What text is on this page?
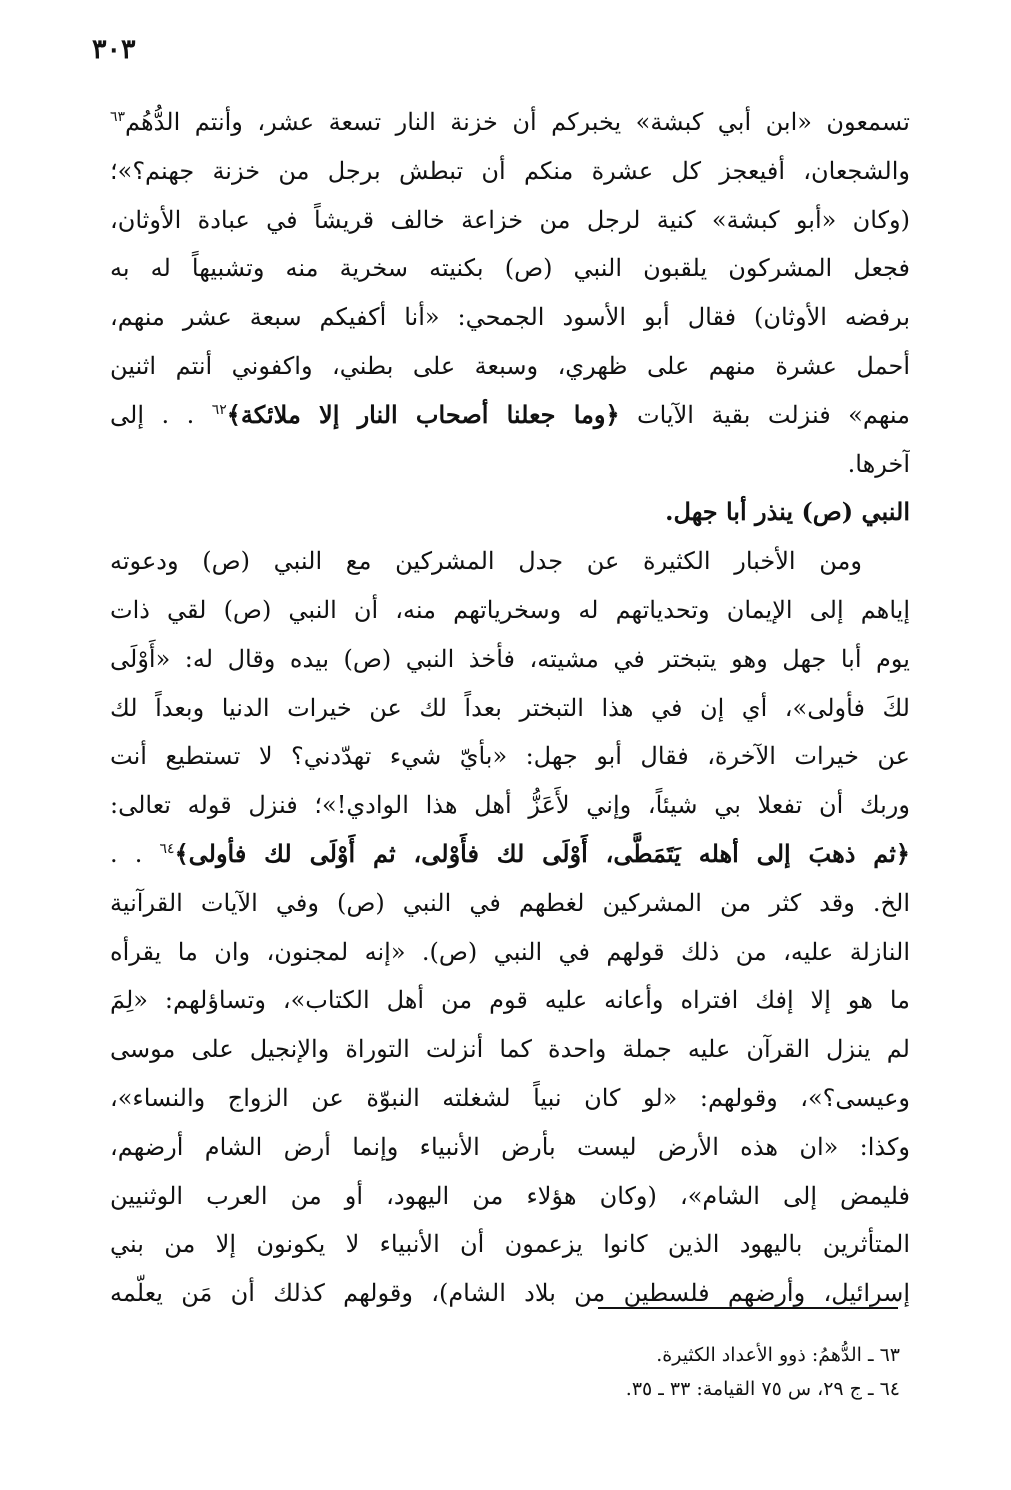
٣٠٣
تسمعون «ابن أبي كبشة» يخبركم أن خزنة النار تسعة عشر، وأنتم الدُّهُم$^{٦٣}$
والشجعان، أفيعجز كل عشرة منكم أن تبطش برجل من خزنة جهنم؟»؛
(وكان «أبو كبشة» كنية لرجل من خزاعة خالف قريشاً في عبادة الأوثان،
فجعل المشركون يلقبون النبي (ص) بكنيته سخرية منه وتشبيهاً له به
برفضه الأوثان) فقال أبو الأسود الجمحي: «أنا أكفيكم سبعة عشر منهم،
أحمل عشرة منهم على ظهري، وسبعة على بطني، واكفوني أنتم اثنين
منهم» فنزلت بقية الآيات ﴿وما جعلنا أصحاب النار إلا ملائكة﴾$^{٦٢}$ . . إلى
آخرها.
النبي (ص) ينذر أبا جهل.
  ومن الأخبار الكثيرة عن جدل المشركين مع النبي (ص) ودعوته
إياهم إلى الإيمان وتحدياتهم له وسخرياتهم منه، أن النبي (ص) لقي ذات
يوم أبا جهل وهو يتبختر في مشيته، فأخذ النبي (ص) بيده وقال له: «أَوْلَى
لكَ فأولى»، أي إن في هذا التبختر بعداً لك عن خيرات الدنيا وبعداً لك
عن خيرات الآخرة، فقال أبو جهل: «بأيّ شيء تهدّدني؟ لا تستطيع أنت
وربك أن تفعلا بي شيئاً، وإني لأَعَزُّ أهل هذا الوادي!»؛ فنزل قوله تعالى:
﴿ثم ذهبَ إلى أهله يَتَمَطَّى، أَوْلَى لك فأَوْلى، ثم أَوْلَى لك فأولى﴾$^{٦٤}$ . .
الخ. وقد كثر من المشركين لغطهم في النبي (ص) وفي الآيات القرآنية
النازلة عليه، من ذلك قولهم في النبي (ص). «إنه لمجنون، وان ما يقرأه
ما هو إلا إفك افتراه وأعانه عليه قوم من أهل الكتاب»، وتساؤلهم: «لِمَ
لم ينزل القرآن عليه جملة واحدة كما أنزلت التوراة والإنجيل على موسى
وعيسى؟»، وقولهم: «لو كان نبياً لشغلته النبوّة عن الزواج والنساء»،
وكذا: «ان هذه الأرض ليست بأرض الأنبياء وإنما أرض الشام أرضهم،
فليمض إلى الشام»، (وكان هؤلاء من اليهود، أو من العرب الوثنيين
المتأثرين باليهود الذين كانوا يزعمون أن الأنبياء لا يكونون إلا من بني
إسرائيل، وأرضهم فلسطين من بلاد الشام)، وقولهم كذلك أن مَن يعلّمه
٦٣ ـ الدُّهمُ: ذوو الأعداد الكثيرة.
٦٤ ـ ج ٢٩، س ٧٥ القيامة: ٣٣ ـ ٣٥.
